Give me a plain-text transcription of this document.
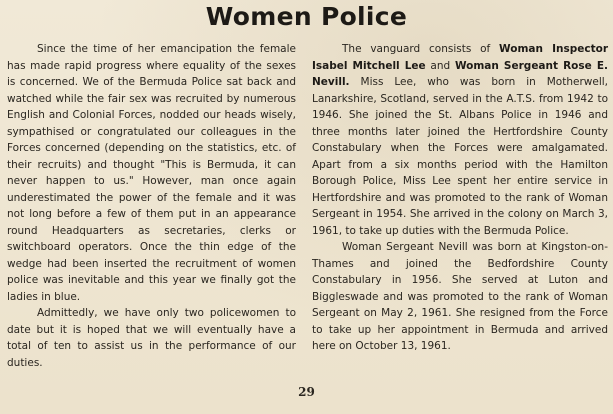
Women Police

Since the time of her emancipation the female has made rapid progress where equality of the sexes is concerned. We of the Bermuda Police sat back and watched while the fair sex was recruited by numerous English and Colonial Forces, nodded our heads wisely, sympathised or congratulated our colleagues in the Forces concerned (depending on the statistics, etc. of their recruits) and thought "This is Bermuda, it can never happen to us." However, man once again underestimated the power of the female and it was not long before a few of them put in an appearance round Headquarters as secretaries, clerks or switchboard operators. Once the thin edge of the wedge had been inserted the recruitment of women police was inevitable and this year we finally got the ladies in blue.

Admittedly, we have only two policewomen to date but it is hoped that we will eventually have a total of ten to assist us in the performance of our duties.

The vanguard consists of Woman Inspector Isabel Mitchell Lee and Woman Sergeant Rose E. Nevill. Miss Lee, who was born in Motherwell, Lanarkshire, Scotland, served in the A.T.S. from 1942 to 1946. She joined the St. Albans Police in 1946 and three months later joined the Hertfordshire County Constabulary when the Forces were amalgamated. Apart from a six months period with the Hamilton Borough Police, Miss Lee spent her entire service in Hertfordshire and was promoted to the rank of Woman Sergeant in 1954. She arrived in the colony on March 3, 1961, to take up duties with the Bermuda Police.

Woman Sergeant Nevill was born at Kingston-on-Thames and joined the Bedfordshire County Constabulary in 1956. She served at Luton and Biggleswade and was promoted to the rank of Woman Sergeant on May 2, 1961. She resigned from the Force to take up her appointment in Bermuda and arrived here on October 13, 1961.

29
